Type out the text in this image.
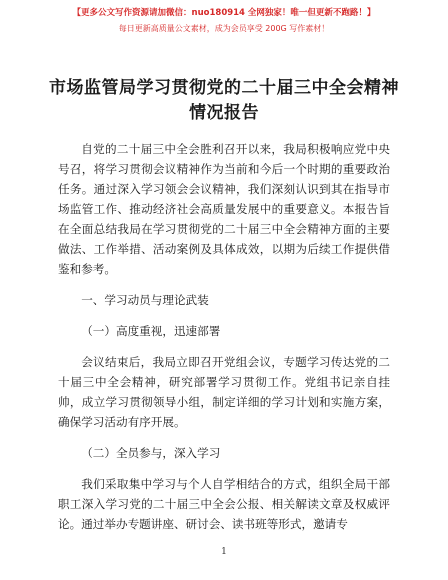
【更多公文写作资源请加微信：nuo180914 全网独家！唯一但更新不跑路！】
每日更新高质量公文素材，成为会员享受 200G 写作素材！
市场监管局学习贯彻党的二十届三中全会精神
情况报告

自党的二十届三中全会胜利召开以来，我局积极响应党中央号召，将学习贯彻会议精神作为当前和今后一个时期的重要政治任务。通过深入学习领会会议精神，我们深刻认识到其在指导市场监管工作、推动经济社会高质量发展中的重要意义。本报告旨在全面总结我局在学习贯彻党的二十届三中全会精神方面的主要做法、工作举措、活动案例及具体成效，以期为后续工作提供借鉴和参考。

一、学习动员与理论武装

（一）高度重视，迅速部署

会议结束后，我局立即召开党组会议，专题学习传达党的二十届三中全会精神，研究部署学习贯彻工作。党组书记亲自挂帅，成立学习贯彻领导小组，制定详细的学习计划和实施方案，确保学习活动有序开展。

（二）全员参与，深入学习

我们采取集中学习与个人自学相结合的方式，组织全局干部职工深入学习党的二十届三中全会公报、相关解读文章及权威评论。通过举办专题讲座、研讨会、读书班等形式，邀请专

1
